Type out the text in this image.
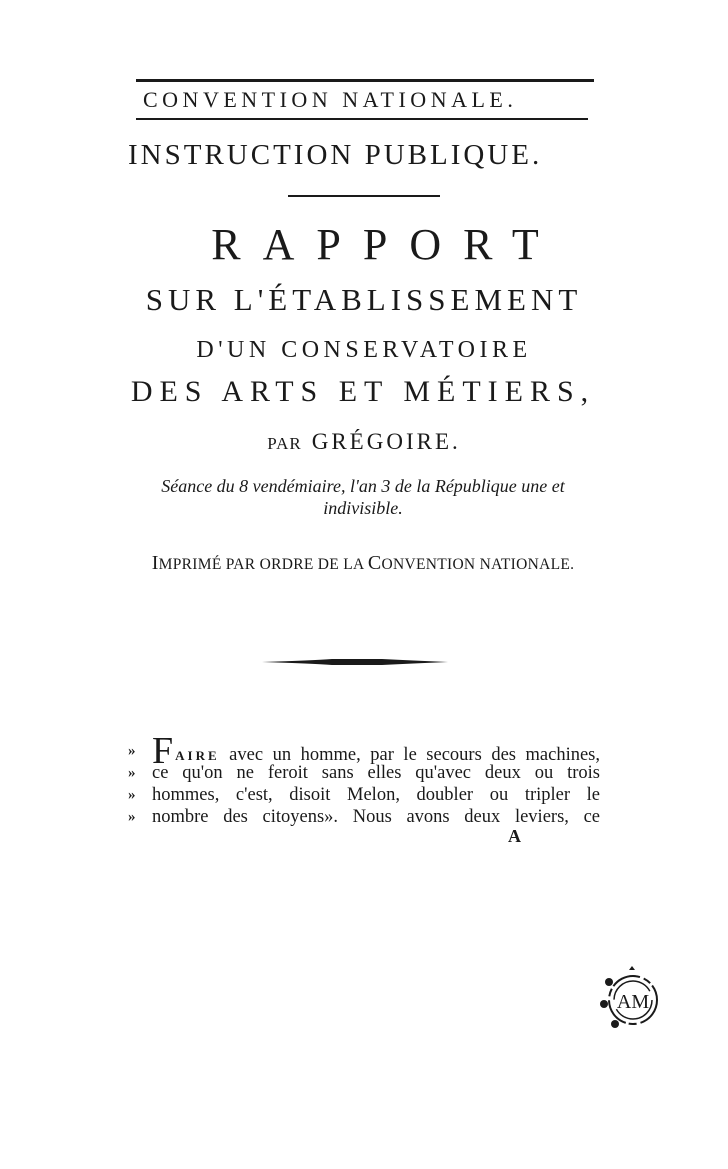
CONVENTION NATIONALE.
INSTRUCTION PUBLIQUE.
RAPPORT
SUR L'ÉTABLISSEMENT
D'UN CONSERVATOIRE
DES ARTS ET MÉTIERS,
PAR GRÉGOIRE.
Séance du 8 vendémiaire, l'an 3 de la République une et
indivisible.
IMPRIMÉ PAR ORDRE DE LA CONVENTION NATIONALE.
» F AIRE avec un homme, par le secours des machines,
» ce qu'on ne feroit sans elles qu'avec deux ou trois
» hommes, c'est, disoit Melon, doubler ou tripler le
» nombre des citoyens». Nous avons deux leviers, ce
A
AM
